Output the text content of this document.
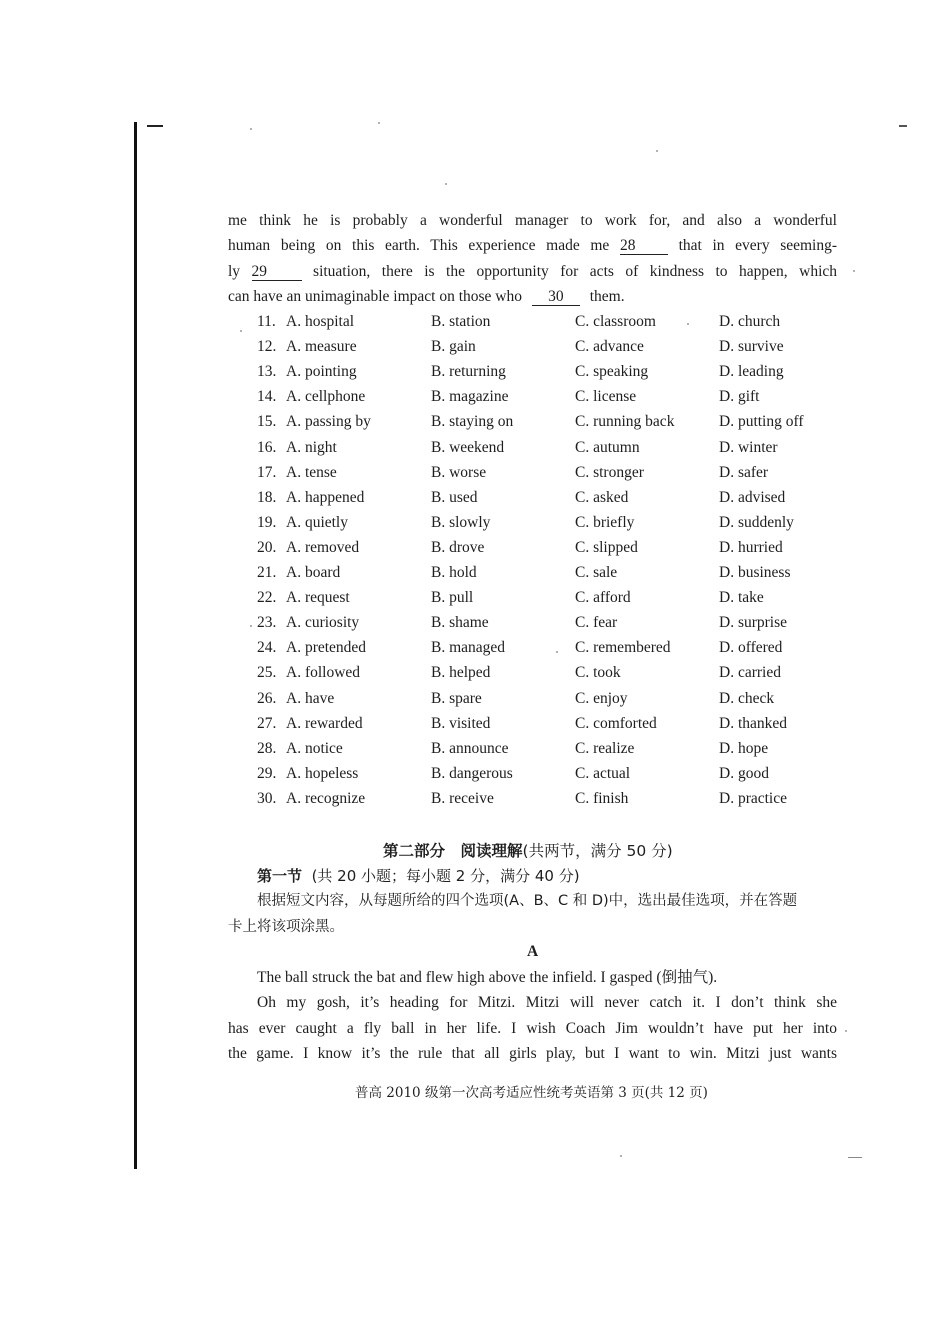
me think he is probably a wonderful manager to work for, and also a wonderful
human being on this earth. This experience made me 28	that in every seeming-
ly 29	situation, there is the opportunity for acts of kindness to happen, which
can have an unimaginable impact on those who 30 them.
11. A. hospital	B. station	C. classroom	D. church
12. A. measure	B. gain	C. advance	D. survive
13. A. pointing	B. returning	C. speaking	D. leading
14. A. cellphone	B. magazine	C. license	D. gift
15. A. passing by	B. staying on	C. running back	D. putting off
16. A. night	B. weekend	C. autumn	D. winter
17. A. tense	B. worse	C. stronger	D. safer
18. A. happened	B. used	C. asked	D. advised
19. A. quietly	B. slowly	C. briefly	D. suddenly
20. A. removed	B. drove	C. slipped	D. hurried
21. A. board	B. hold	C. sale	D. business
22. A. request	B. pull	C. afford	D. take
23. A. curiosity	B. shame	C. fear	D. surprise
24. A. pretended	B. managed	C. remembered	D. offered
25. A. followed	B. helped	C. took	D. carried
26. A. have	B. spare	C. enjoy	D. check
27. A. rewarded	B. visited	C. comforted	D. thanked
28. A. notice	B. announce	C. realize	D. hope
29. A. hopeless	B. dangerous	C. actual	D. good
30. A. recognize	B. receive	C. finish	D. practice
第二部分　阅读理解(共两节，满分 50 分)
第一节 (共 20 小题；每小题 2 分，满分 40 分)
根据短文内容，从每题所给的四个选项(A、B、C 和 D)中，选出最佳选项，并在答题
卡上将该项涂黑。
A
The ball struck the bat and flew high above the infield. I gasped (倒抽气).
Oh my gosh, it’s heading for Mitzi. Mitzi will never catch it. I don’t think she
has ever caught a fly ball in her life. I wish Coach Jim wouldn’t have put her into
the game. I know it’s the rule that all girls play, but I want to win. Mitzi just wants
普高 2010 级第一次高考适应性统考英语第 3 页(共 12 页)
